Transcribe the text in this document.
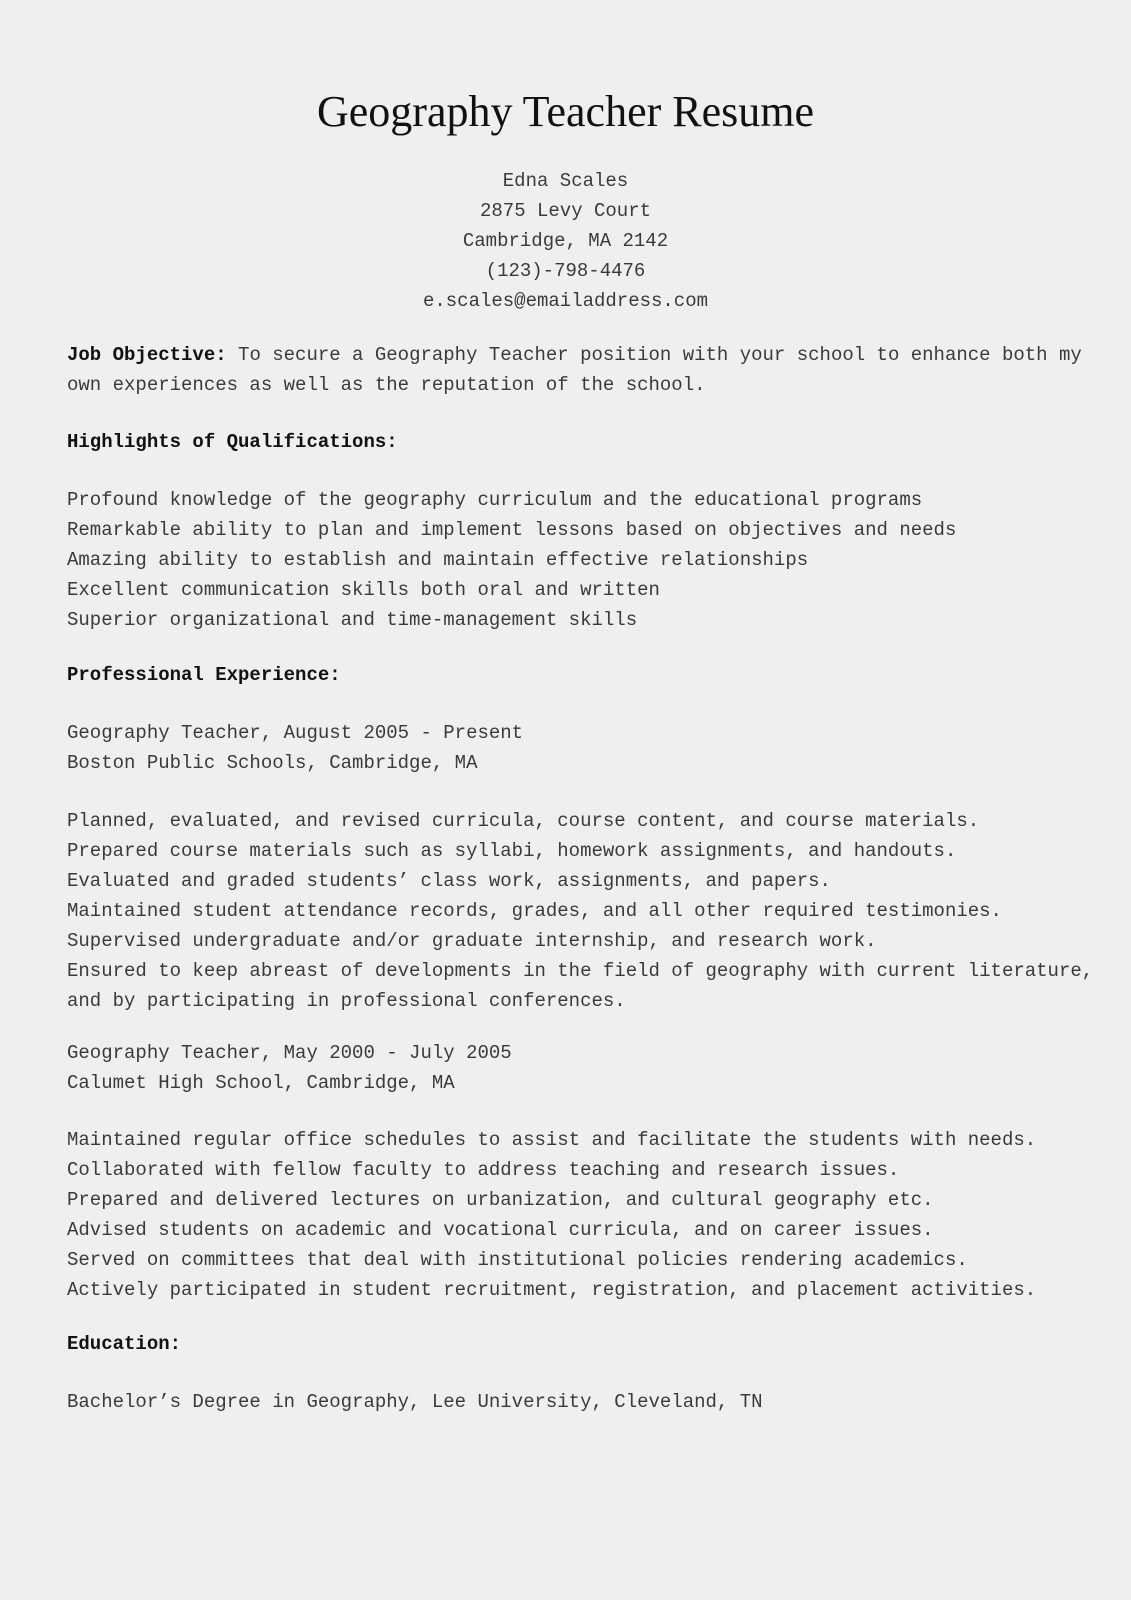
Geography Teacher Resume
Edna Scales
2875 Levy Court
Cambridge, MA 2142
(123)-798-4476
e.scales@emailaddress.com
Job Objective: To secure a Geography Teacher position with your school to enhance both my
own experiences as well as the reputation of the school.
Highlights of Qualifications:
Profound knowledge of the geography curriculum and the educational programs
Remarkable ability to plan and implement lessons based on objectives and needs
Amazing ability to establish and maintain effective relationships
Excellent communication skills both oral and written
Superior organizational and time-management skills
Professional Experience:
Geography Teacher, August 2005 - Present
Boston Public Schools, Cambridge, MA
Planned, evaluated, and revised curricula, course content, and course materials.
Prepared course materials such as syllabi, homework assignments, and handouts.
Evaluated and graded students’ class work, assignments, and papers.
Maintained student attendance records, grades, and all other required testimonies.
Supervised undergraduate and/or graduate internship, and research work.
Ensured to keep abreast of developments in the field of geography with current literature,
and by participating in professional conferences.
Geography Teacher, May 2000 - July 2005
Calumet High School, Cambridge, MA
Maintained regular office schedules to assist and facilitate the students with needs.
Collaborated with fellow faculty to address teaching and research issues.
Prepared and delivered lectures on urbanization, and cultural geography etc.
Advised students on academic and vocational curricula, and on career issues.
Served on committees that deal with institutional policies rendering academics.
Actively participated in student recruitment, registration, and placement activities.
Education:
Bachelor’s Degree in Geography, Lee University, Cleveland, TN
